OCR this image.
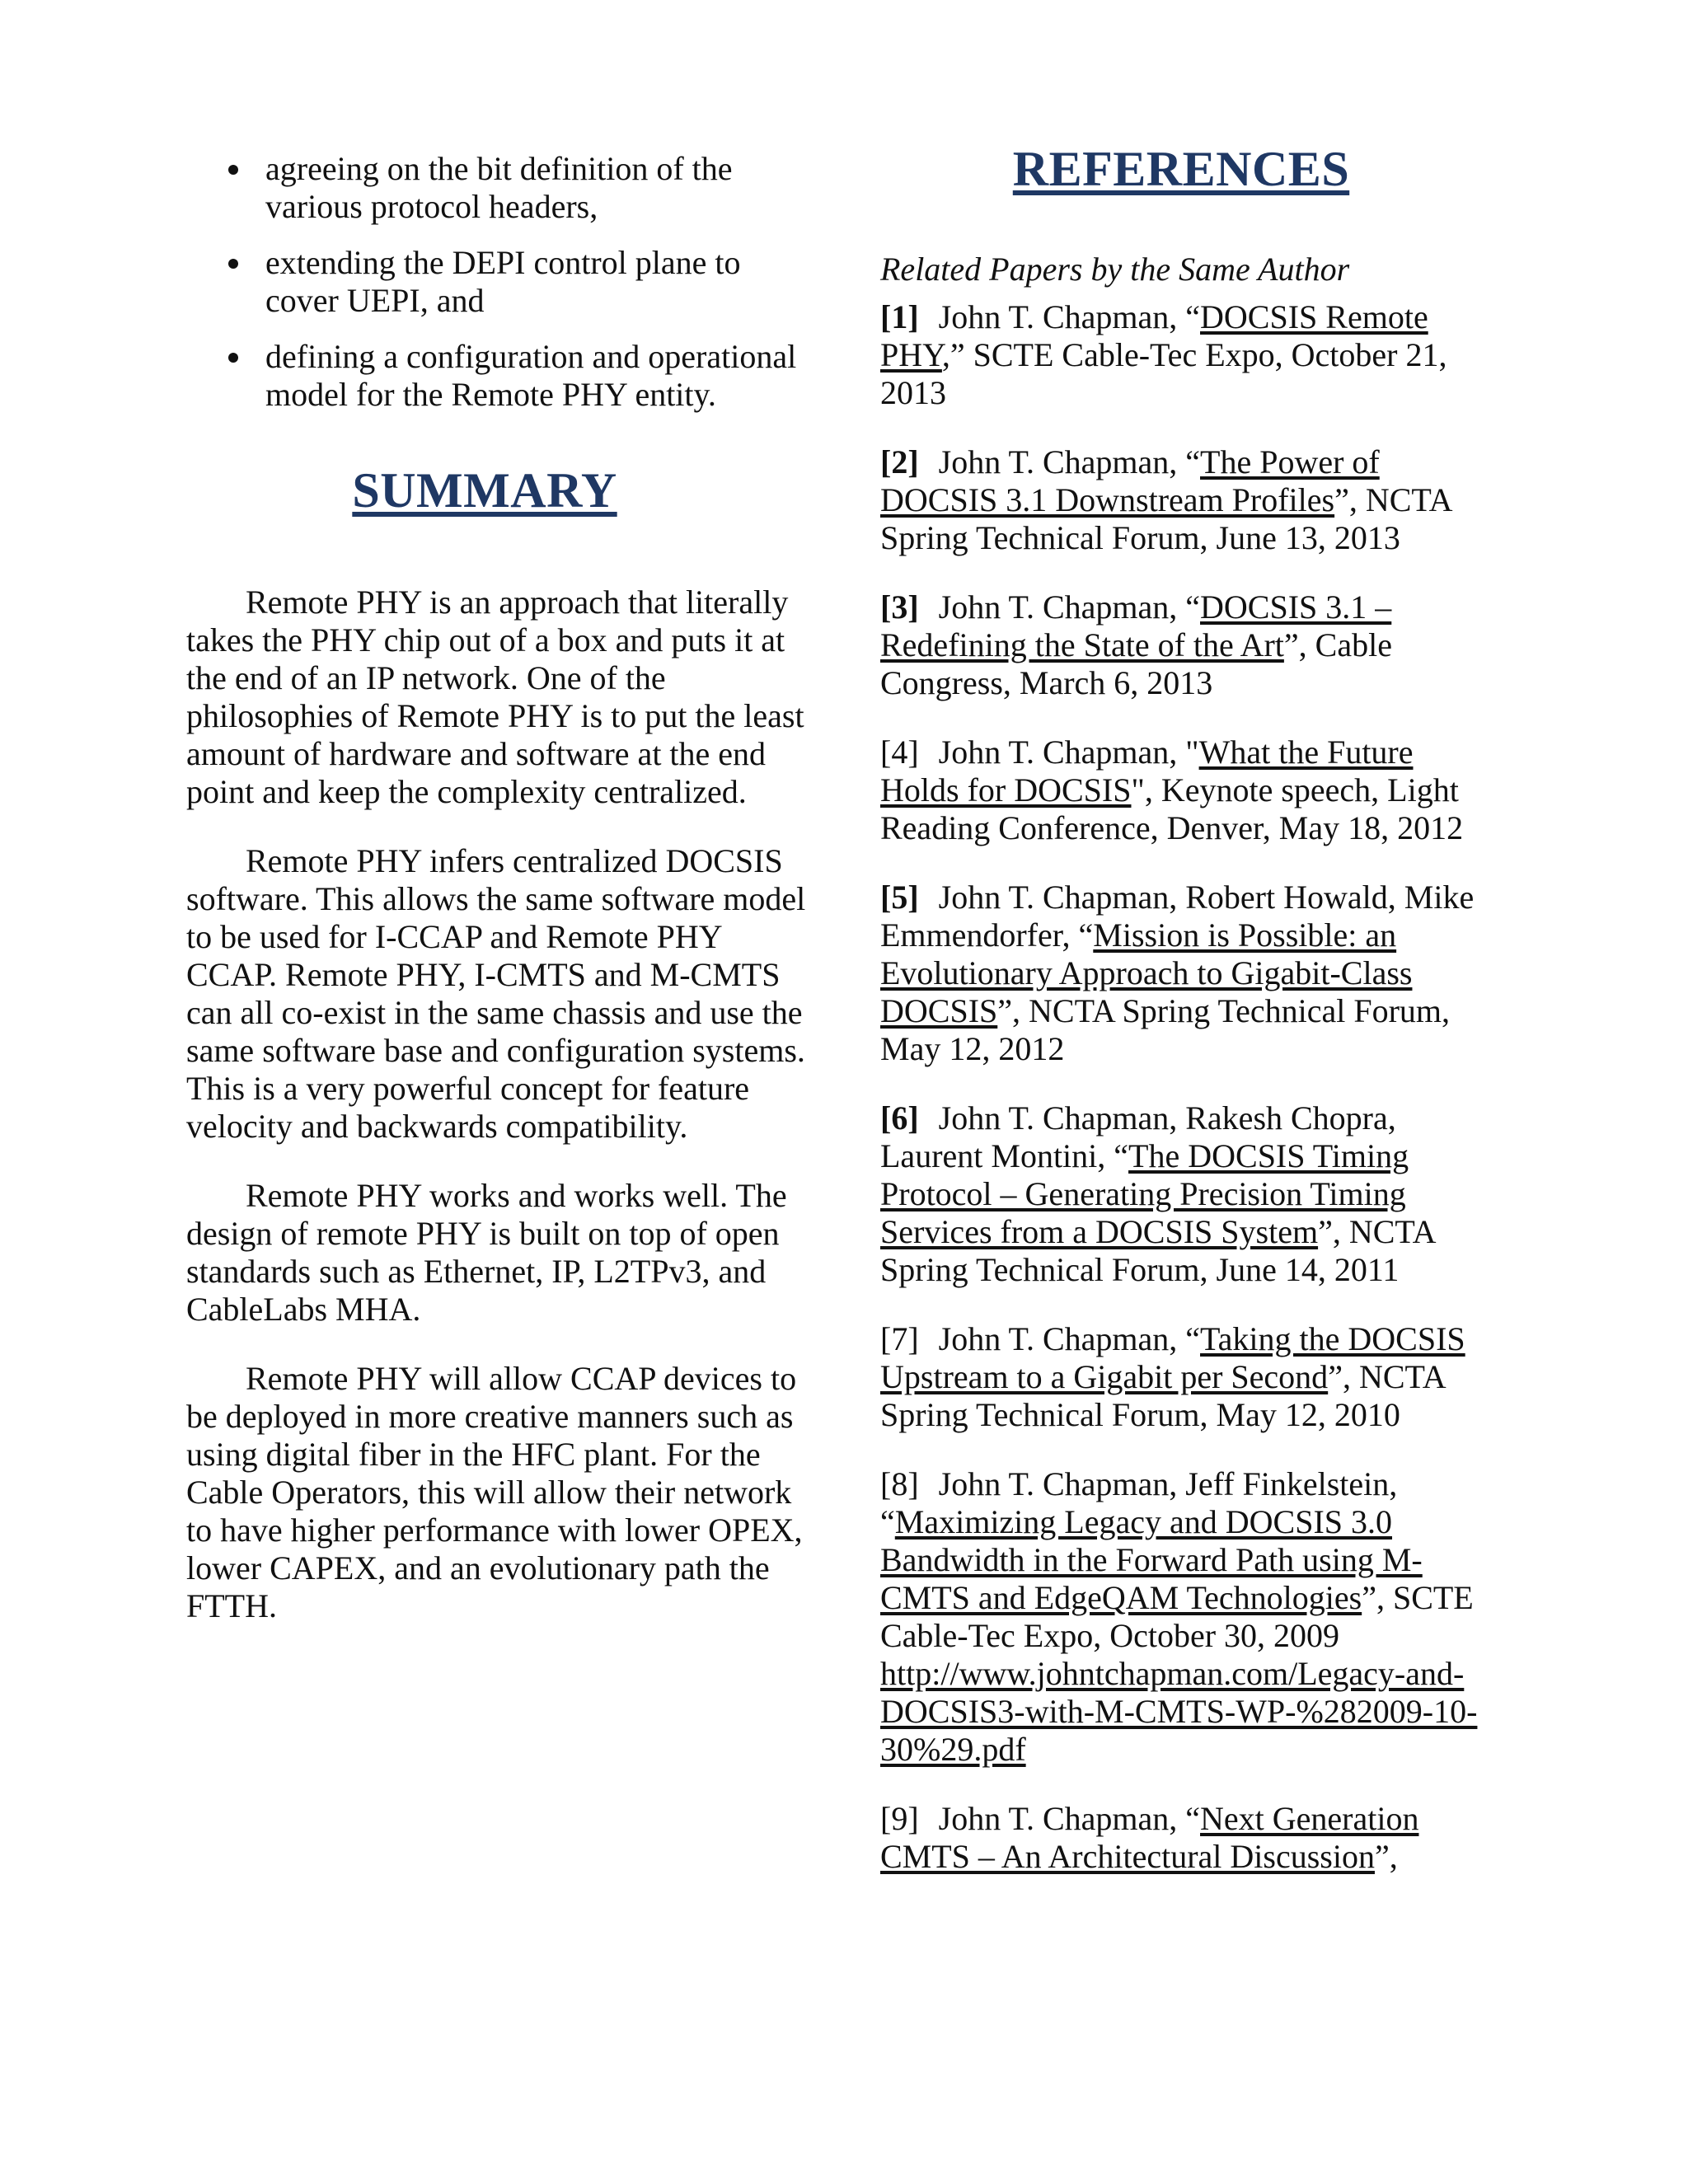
agreeing on the bit definition of the various protocol headers,
extending the DEPI control plane to cover UEPI, and
defining a configuration and operational model for the Remote PHY entity.
SUMMARY

Remote PHY is an approach that literally takes the PHY chip out of a box and puts it at the end of an IP network. One of the philosophies of Remote PHY is to put the least amount of hardware and software at the end point and keep the complexity centralized.

Remote PHY infers centralized DOCSIS software. This allows the same software model to be used for I-CCAP and Remote PHY CCAP. Remote PHY, I-CMTS and M-CMTS can all co-exist in the same chassis and use the same software base and configuration systems. This is a very powerful concept for feature velocity and backwards compatibility.

Remote PHY works and works well. The design of remote PHY is built on top of open standards such as Ethernet, IP, L2TPv3, and CableLabs MHA.

Remote PHY will allow CCAP devices to be deployed in more creative manners such as using digital fiber in the HFC plant. For the Cable Operators, this will allow their network to have higher performance with lower OPEX, lower CAPEX, and an evolutionary path the FTTH.

REFERENCES
Related Papers by the Same Author

[1] John T. Chapman, “DOCSIS Remote PHY,” SCTE Cable-Tec Expo, October 21, 2013

[2] John T. Chapman, “The Power of DOCSIS 3.1 Downstream Profiles”, NCTA Spring Technical Forum, June 13, 2013

[3] John T. Chapman, “DOCSIS 3.1 – Redefining the State of the Art”, Cable Congress, March 6, 2013

[4] John T. Chapman, "What the Future Holds for DOCSIS", Keynote speech, Light Reading Conference, Denver, May 18, 2012

[5] John T. Chapman, Robert Howald, Mike Emmendorfer, “Mission is Possible: an Evolutionary Approach to Gigabit-Class DOCSIS”, NCTA Spring Technical Forum, May 12, 2012

[6] John T. Chapman, Rakesh Chopra, Laurent Montini, “The DOCSIS Timing Protocol – Generating Precision Timing Services from a DOCSIS System”, NCTA Spring Technical Forum, June 14, 2011

[7] John T. Chapman, “Taking the DOCSIS Upstream to a Gigabit per Second”, NCTA Spring Technical Forum, May 12, 2010

[8] John T. Chapman, Jeff Finkelstein, “Maximizing Legacy and DOCSIS 3.0 Bandwidth in the Forward Path using M-CMTS and EdgeQAM Technologies”, SCTE Cable-Tec Expo, October 30, 2009 http://www.johntchapman.com/Legacy-and-DOCSIS3-with-M-CMTS-WP-%282009-10-30%29.pdf

[9] John T. Chapman, “Next Generation CMTS – An Architectural Discussion”,
